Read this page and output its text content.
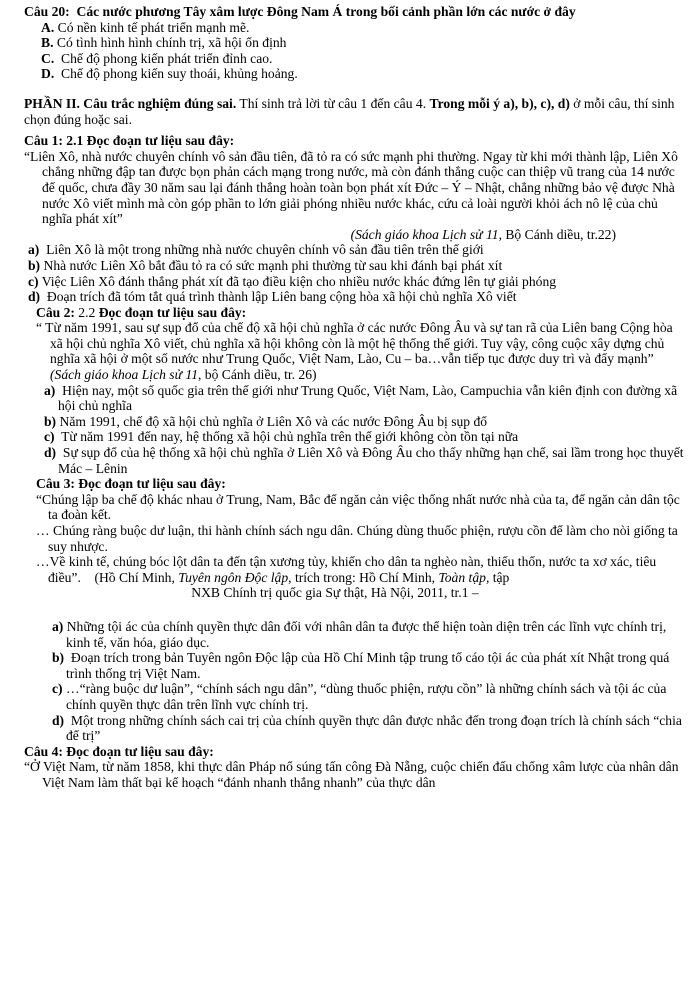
Câu 20: Các nước phương Tây xâm lược Đông Nam Á trong bối cảnh phần lớn các nước ở đây

A. Có nền kinh tế phát triển mạnh mẽ.

B. Có tình hình hình chính trị, xã hội ổn định

C. Chế độ phong kiến phát triển đỉnh cao.

D. Chế độ phong kiến suy thoái, khủng hoảng.

PHẦN II. Câu trắc nghiệm đúng sai. Thí sinh trả lời từ câu 1 đến câu 4. Trong mỗi ý a), b), c), d) ở mỗi câu, thí sinh chọn đúng hoặc sai.

Câu 1: 2.1 Đọc đoạn tư liệu sau đây:

“Liên Xô, nhà nước chuyên chính vô sản đầu tiên, đã tỏ ra có sức mạnh phi thường. Ngay từ khi mới thành lập, Liên Xô chẳng những đập tan được bọn phản cách mạng trong nước, mà còn đánh thắng cuộc can thiệp vũ trang của 14 nước đế quốc, chưa đầy 30 năm sau lại đánh thắng hoàn toàn bọn phát xít Đức – Ý – Nhật, chẳng những bảo vệ được Nhà nước Xô viết mình mà còn góp phần to lớn giải phóng nhiều nước khác, cứu cả loài người khỏi ách nô lệ của chủ nghĩa phát xít”

(Sách giáo khoa Lịch sử 11, Bộ Cánh diều, tr.22)

a) Liên Xô là một trong những nhà nước chuyên chính vô sản đầu tiên trên thế giới

b) Nhà nước Liên Xô bắt đầu tỏ ra có sức mạnh phi thường từ sau khi đánh bại phát xít

c) Việc Liên Xô đánh thắng phát xít đã tạo điều kiện cho nhiều nước khác đứng lên tự giải phóng

d) Đoạn trích đã tóm tắt quá trình thành lập Liên bang cộng hòa xã hội chủ nghĩa Xô viết

Câu 2: 2.2 Đọc đoạn tư liệu sau đây:

“ Từ năm 1991, sau sự sụp đổ của chế độ xã hội chủ nghĩa ở các nước Đông Âu và sự tan rã của Liên bang Cộng hòa xã hội chủ nghĩa Xô viết, chủ nghĩa xã hội không còn là một hệ thống thế giới. Tuy vậy, công cuộc xây dựng chủ nghĩa xã hội ở một số nước như Trung Quốc, Việt Nam, Lào, Cu – ba…vẫn tiếp tục được duy trì và đẩy mạnh” (Sách giáo khoa Lịch sử 11, bộ Cánh diều, tr. 26)

a) Hiện nay, một số quốc gia trên thế giới như Trung Quốc, Việt Nam, Lào, Campuchia vẫn kiên định con đường xã hội chủ nghĩa

b) Năm 1991, chế độ xã hội chủ nghĩa ở Liên Xô và các nước Đông Âu bị sụp đổ

c) Từ năm 1991 đến nay, hệ thống xã hội chủ nghĩa trên thế giới không còn tồn tại nữa

d) Sự sụp đổ của hệ thống xã hội chủ nghĩa ở Liên Xô và Đông Âu cho thấy những hạn chế, sai lầm trong học thuyết Mác – Lênin

Câu 3: Đọc đoạn tư liệu sau đây:

“Chúng lập ba chế độ khác nhau ở Trung, Nam, Bắc để ngăn cản việc thống nhất nước nhà của ta, để ngăn cản dân tộc ta đoàn kết.

… Chúng ràng buộc dư luận, thi hành chính sách ngu dân. Chúng dùng thuốc phiện, rượu cồn để làm cho nòi giống ta suy nhược.

…Về kinh tế, chúng bóc lột dân ta đến tận xương tủy, khiến cho dân ta nghèo nàn, thiếu thốn, nước ta xơ xác, tiêu điều”. (Hồ Chí Minh, Tuyên ngôn Độc lập, trích trong: Hồ Chí Minh, Toàn tập, tập

NXB Chính trị quốc gia Sự thật, Hà Nội, 2011, tr.1 –

a) Những tội ác của chính quyền thực dân đối với nhân dân ta được thể hiện toàn diện trên các lĩnh vực chính trị, kinh tế, văn hóa, giáo dục.

b) Đoạn trích trong bản Tuyên ngôn Độc lập của Hồ Chí Minh tập trung tố cáo tội ác của phát xít Nhật trong quá trình thống trị Việt Nam.

c) …“ràng buộc dư luận”, “chính sách ngu dân”, “dùng thuốc phiện, rượu cồn” là những chính sách và tội ác của chính quyền thực dân trên lĩnh vực chính trị.

d) Một trong những chính sách cai trị của chính quyền thực dân được nhắc đến trong đoạn trích là chính sách “chia để trị”

Câu 4: Đọc đoạn tư liệu sau đây:

“Ở Việt Nam, từ năm 1858, khi thực dân Pháp nổ súng tấn công Đà Nẵng, cuộc chiến đấu chống xâm lược của nhân dân Việt Nam làm thất bại kế hoạch “đánh nhanh thắng nhanh” của thực dân
